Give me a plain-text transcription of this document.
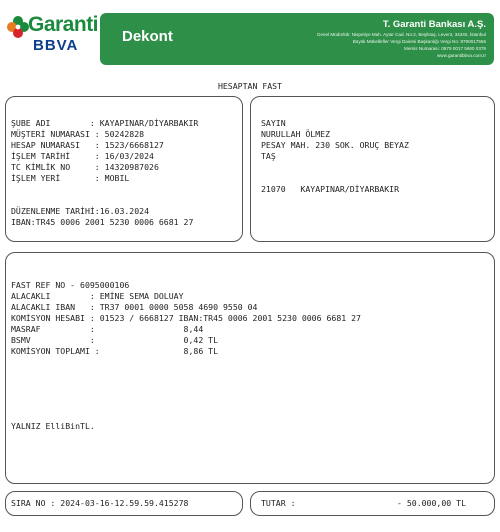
Garanti
BBVA
Dekont
T. Garanti Bankası A.Ş.
Genel Müdürlük: Nispetiye Mah. Aytar Cad. No:2, Beşiktaş, Levent, 34340, İstanbul
Büyük Mükellefler Vergi Dairesi Başkanlığı Vergi No: 8790017566
Mersis Numarası: 0879 0017 5660 0379
www.garantibbva.com.tr
HESAPTAN FAST
ŞUBE ADI        : KAYAPINAR/DİYARBAKIR
MÜŞTERİ NUMARASI : 50242828
HESAP NUMARASI   : 1523/6668127
İŞLEM TARİHİ     : 16/03/2024
TC KİMLİK NO     : 14320987026
İŞLEM YERİ       : MOBIL
DÜZENLENME TARİHİ:16.03.2024
IBAN:TR45 0006 2001 5230 0006 6681 27
SAYIN
NURULLAH ÖLMEZ
PESAY MAH. 230 SOK. ORUÇ BEYAZ
TAŞ
21070   KAYAPINAR/DİYARBAKIR
FAST REF NO - 6095000106
ALACAKLI        : EMİNE SEMA DOLUAY
ALACAKLI IBAN   : TR37 0001 0000 5058 4690 9550 04
KOMİSYON HESABI : 01523 / 6668127 IBAN:TR45 0006 2001 5230 0006 6681 27
MASRAF          :                  8,44
BSMV            :                  0,42 TL
KOMİSYON TOPLAMI :                 8,86 TL
YALNIZ ElliBinTL.
SIRA NO : 2024-03-16-12.59.59.415278	TUTAR :	- 50.000,00 TL
